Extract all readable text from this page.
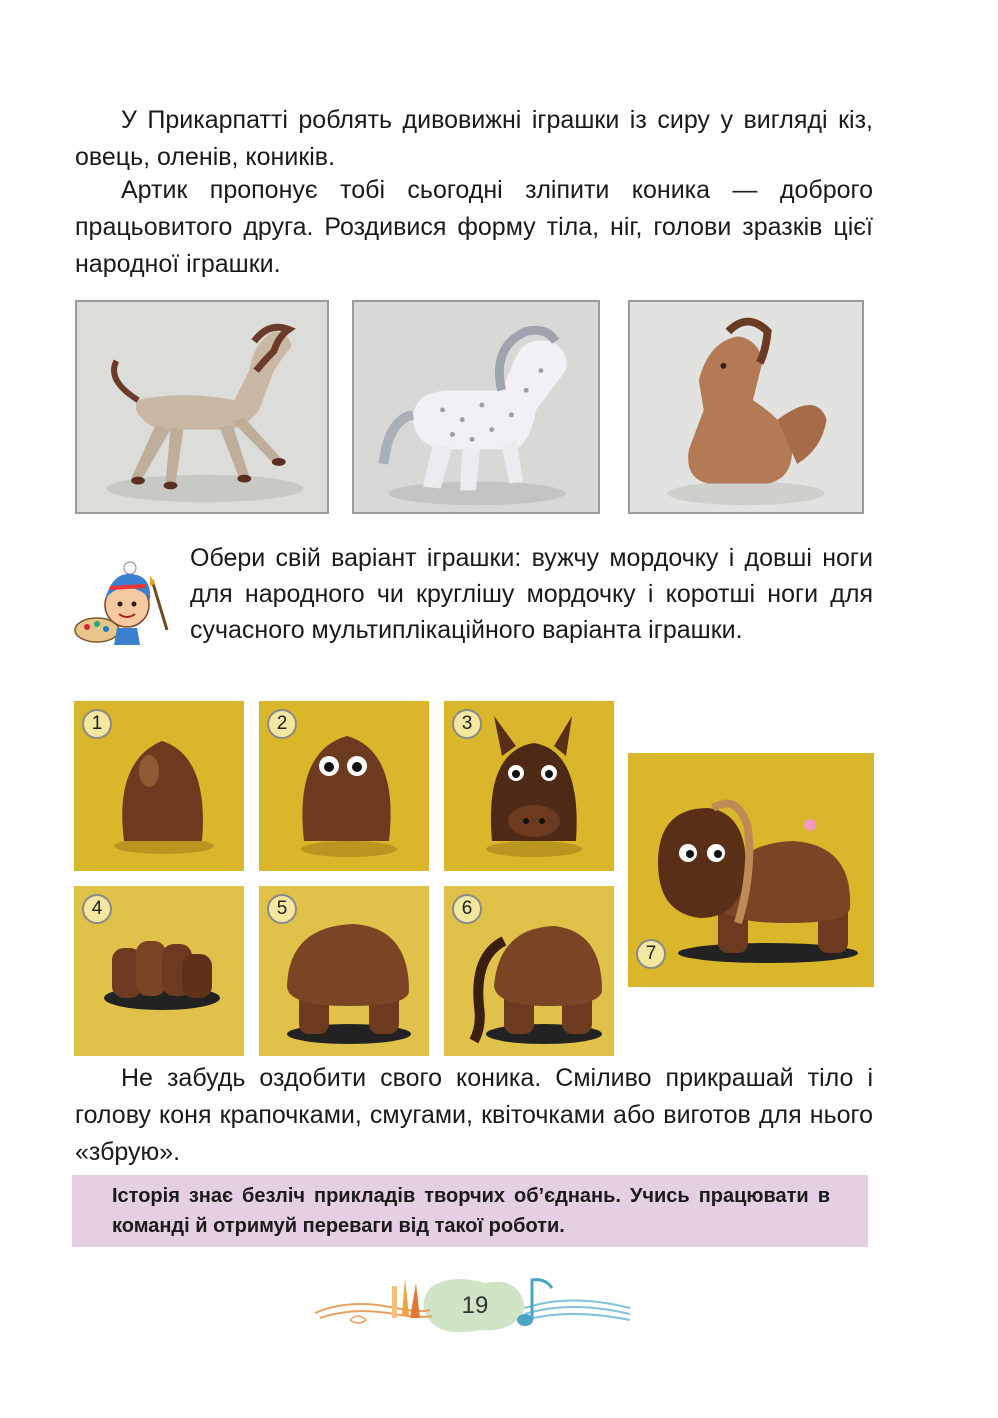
У Прикарпатті роблять дивовижні іграшки із сиру у вигляді кіз, овець, оленів, коників.

Артик пропонує тобі сьогодні зліпити коника — доброго працьовитого друга. Роздивися форму тіла, ніг, голови зразків цієї народної іграшки.

Обери свій варіант іграшки: вужчу мордочку і довші ноги для народного чи круглішу мордочку і коротші ноги для сучасного мультиплікаційного варіанта іграшки.

1	2	3
4	5	6
7

Не забудь оздобити свого коника. Сміливо прикрашай тіло і голову коня крапочками, смугами, квіточками або виготов для нього «збрую».

Історія знає безліч прикладів творчих об’єднань. Учись працювати в команді й отримуй переваги від такої роботи.
19
